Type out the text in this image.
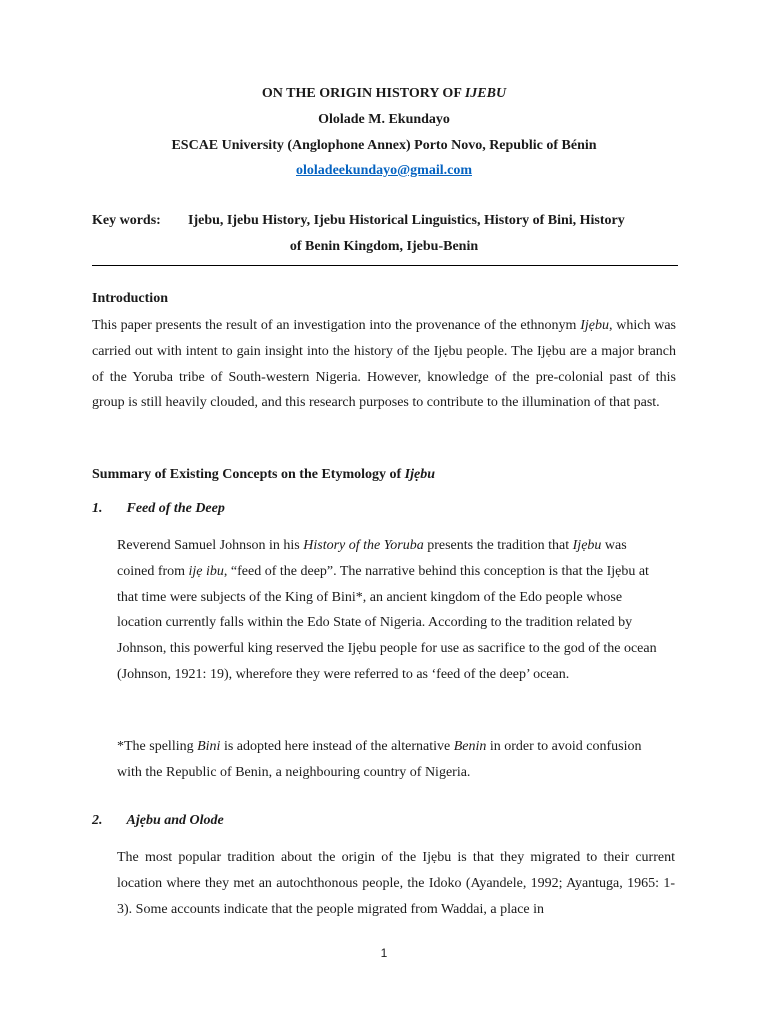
ON THE ORIGIN HISTORY OF IJEBU

Ololade M. Ekundayo

ESCAE University (Anglophone Annex) Porto Novo, Republic of Bénin

ololadeekundayo@gmail.com

Key words: Ijebu, Ijebu History, Ijebu Historical Linguistics, History of Bini, History

of Benin Kingdom, Ijebu-Benin

Introduction

This paper presents the result of an investigation into the provenance of the ethnonym Ijẹbu, which was carried out with intent to gain insight into the history of the Ijẹbu people. The Ijẹbu are a major branch of the Yoruba tribe of South-western Nigeria. However, knowledge of the pre-colonial past of this group is still heavily clouded, and this research purposes to contribute to the illumination of that past.

Summary of Existing Concepts on the Etymology of Ijẹbu

1. Feed of the Deep

Reverend Samuel Johnson in his History of the Yoruba presents the tradition that Ijẹbu was coined from ijẹ ibu, “feed of the deep”. The narrative behind this conception is that the Ijẹbu at that time were subjects of the King of Bini*, an ancient kingdom of the Edo people whose location currently falls within the Edo State of Nigeria. According to the tradition related by Johnson, this powerful king reserved the Ijẹbu people for use as sacrifice to the god of the ocean (Johnson, 1921: 19), wherefore they were referred to as ‘feed of the deep’ ocean.

*The spelling Bini is adopted here instead of the alternative Benin in order to avoid confusion with the Republic of Benin, a neighbouring country of Nigeria.

2. Ajẹbu and Olode

The most popular tradition about the origin of the Ijẹbu is that they migrated to their current location where they met an autochthonous people, the Idoko (Ayandele, 1992; Ayantuga, 1965: 1-3). Some accounts indicate that the people migrated from Waddai, a place in

1
